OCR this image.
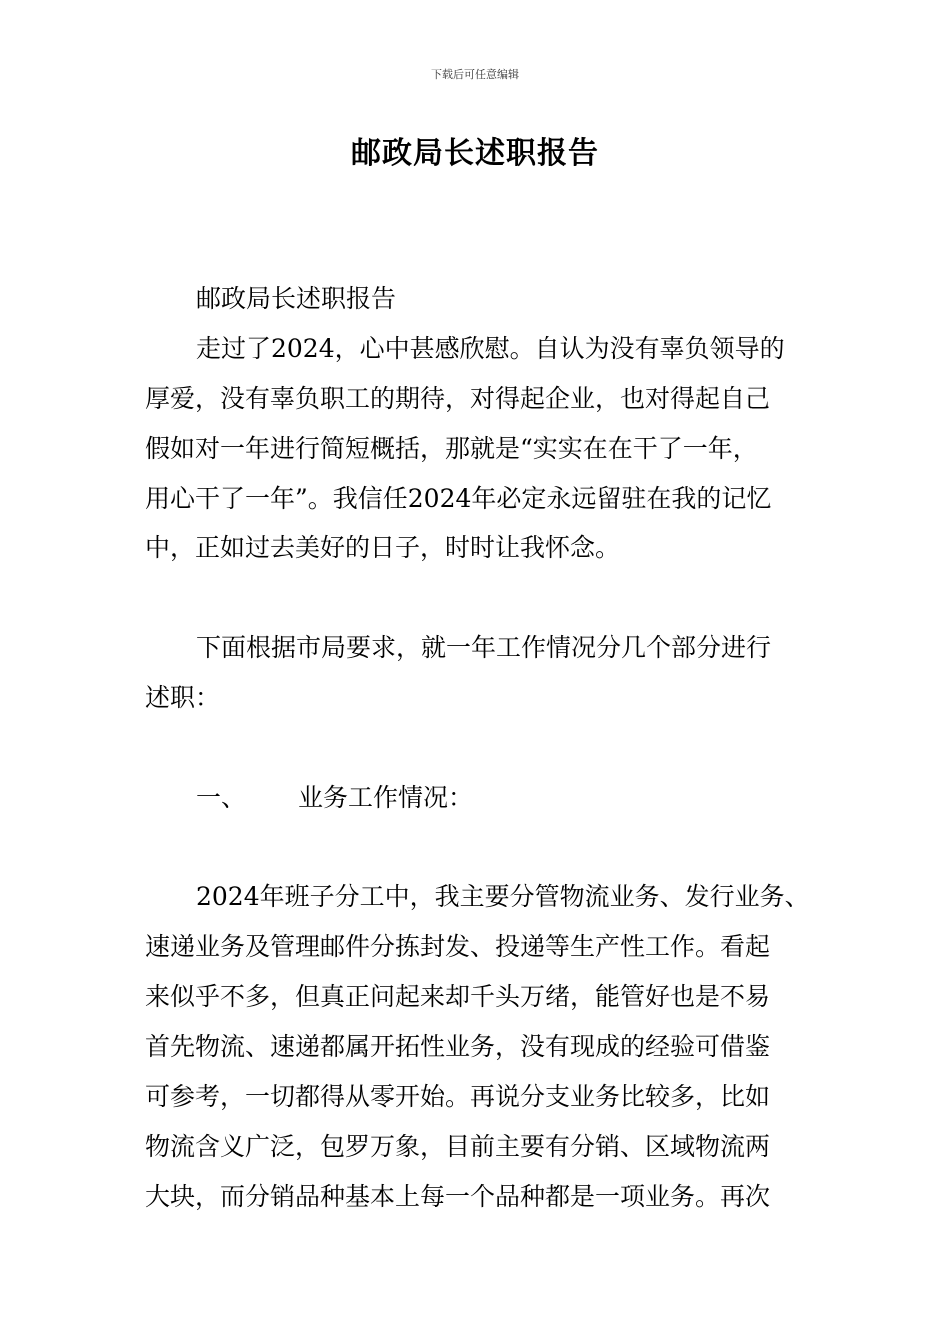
下载后可任意编辑
邮政局长述职报告
邮政局长述职报告
走过了2024，心中甚感欣慰。自认为没有辜负领导的
厚爱，没有辜负职工的期待，对得起企业，也对得起自己
假如对一年进行简短概括，那就是“实实在在干了一年，
用心干了一年”。我信任2024年必定永远留驻在我的记忆
中，正如过去美好的日子，时时让我怀念。
下面根据市局要求，就一年工作情况分几个部分进行
述职：
一、 业务工作情况：
2024年班子分工中，我主要分管物流业务、发行业务、
速递业务及管理邮件分拣封发、投递等生产性工作。看起
来似乎不多，但真正问起来却千头万绪，能管好也是不易
首先物流、速递都属开拓性业务，没有现成的经验可借鉴
可参考，一切都得从零开始。再说分支业务比较多，比如
物流含义广泛，包罗万象，目前主要有分销、区域物流两
大块，而分销品种基本上每一个品种都是一项业务。再次
